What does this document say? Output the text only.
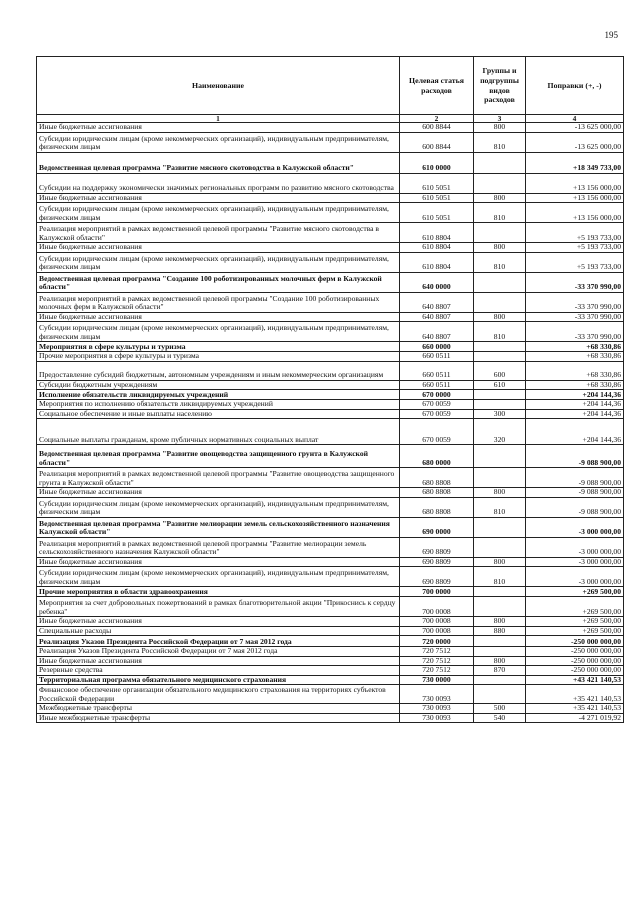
195
Наименование	Целевая статья расходов	Группы и подгруппы видов расходов	Поправки (+, -)
1	2	3	4
Иные бюджетные ассигнования	600 8844	800	-13 625 000,00
Субсидии юридическим лицам (кроме некоммерческих организаций), индивидуальным предпринимателям, физическим лицам	600 8844	810	-13 625 000,00
Ведомственная целевая программа "Развитие мясного скотоводства в Калужской области"	610 0000		+18 349 733,00
Субсидии на поддержку экономически значимых региональных программ по развитию мясного скотоводства	610 5051		+13 156 000,00
Иные бюджетные ассигнования	610 5051	800	+13 156 000,00
Субсидии юридическим лицам (кроме некоммерческих организаций), индивидуальным предпринимателям, физическим лицам	610 5051	810	+13 156 000,00
Реализация мероприятий в рамках ведомственной целевой программы "Развитие мясного скотоводства в Калужской области"	610 8804		+5 193 733,00
Иные бюджетные ассигнования	610 8804	800	+5 193 733,00
Субсидии юридическим лицам (кроме некоммерческих организаций), индивидуальным предпринимателям, физическим лицам	610 8804	810	+5 193 733,00
Ведомственная целевая программа "Создание 100 роботизированных молочных ферм в Калужской области"	640 0000		-33 370 990,00
Реализация мероприятий в рамках ведомственной целевой программы "Создание 100 роботизированных молочных ферм в Калужской области"	640 8807		-33 370 990,00
Иные бюджетные ассигнования	640 8807	800	-33 370 990,00
Субсидии юридическим лицам (кроме некоммерческих организаций), индивидуальным предпринимателям, физическим лицам	640 8807	810	-33 370 990,00
Мероприятия в сфере культуры и туризма	660 0000		+68 330,86
Прочие мероприятия в сфере культуры и туризма	660 0511		+68 330,86
Предоставление субсидий бюджетным, автономным учреждениям и иным некоммерческим организациям	660 0511	600	+68 330,86
Субсидии бюджетным учреждениям	660 0511	610	+68 330,86
Исполнение обязательств ликвидируемых учреждений	670 0000		+204 144,36
Мероприятия по исполнению обязательств ликвидируемых учреждений	670 0059		+204 144,36
Социальное обеспечение и иные выплаты населению	670 0059	300	+204 144,36
Социальные выплаты гражданам, кроме публичных нормативных социальных выплат	670 0059	320	+204 144,36
Ведомственная целевая программа "Развитие овощеводства защищенного грунта в Калужской области"	680 0000		-9 088 900,00
Реализация мероприятий в рамках ведомственной целевой программы "Развитие овощеводства защищенного грунта в Калужской области"	680 8808		-9 088 900,00
Иные бюджетные ассигнования	680 8808	800	-9 088 900,00
Субсидии юридическим лицам (кроме некоммерческих организаций), индивидуальным предпринимателям, физическим лицам	680 8808	810	-9 088 900,00
Ведомственная целевая программа "Развитие мелиорации земель сельскохозяйственного назначения Калужской области"	690 0000		-3 000 000,00
Реализация мероприятий в рамках ведомственной целевой программы "Развитие мелиорации земель сельскохозяйственного назначения Калужской области"	690 8809		-3 000 000,00
Иные бюджетные ассигнования	690 8809	800	-3 000 000,00
Субсидии юридическим лицам (кроме некоммерческих организаций), индивидуальным предпринимателям, физическим лицам	690 8809	810	-3 000 000,00
Прочие мероприятия в области здравоохранения	700 0000		+269 500,00
Мероприятия за счет добровольных пожертвований в рамках благотворительной акции "Прикоснись к сердцу ребенка"	700 0008		+269 500,00
Иные бюджетные ассигнования	700 0008	800	+269 500,00
Специальные расходы	700 0008	880	+269 500,00
Реализация Указов Президента Российской Федерации от 7 мая 2012 года	720 0000		-250 000 000,00
Реализация Указов Президента Российской Федерации от 7 мая 2012 года	720 7512		-250 000 000,00
Иные бюджетные ассигнования	720 7512	800	-250 000 000,00
Резервные средства	720 7512	870	-250 000 000,00
Территориальная программа обязательного медицинского страхования	730 0000		+43 421 140,53
Финансовое обеспечение организации обязательного медицинского страхования на территориях субъектов Российской Федерации	730 0093		+35 421 140,53
Межбюджетные трансферты	730 0093	500	+35 421 140,53
Иные межбюджетные трансферты	730 0093	540	-4 271 019,92
